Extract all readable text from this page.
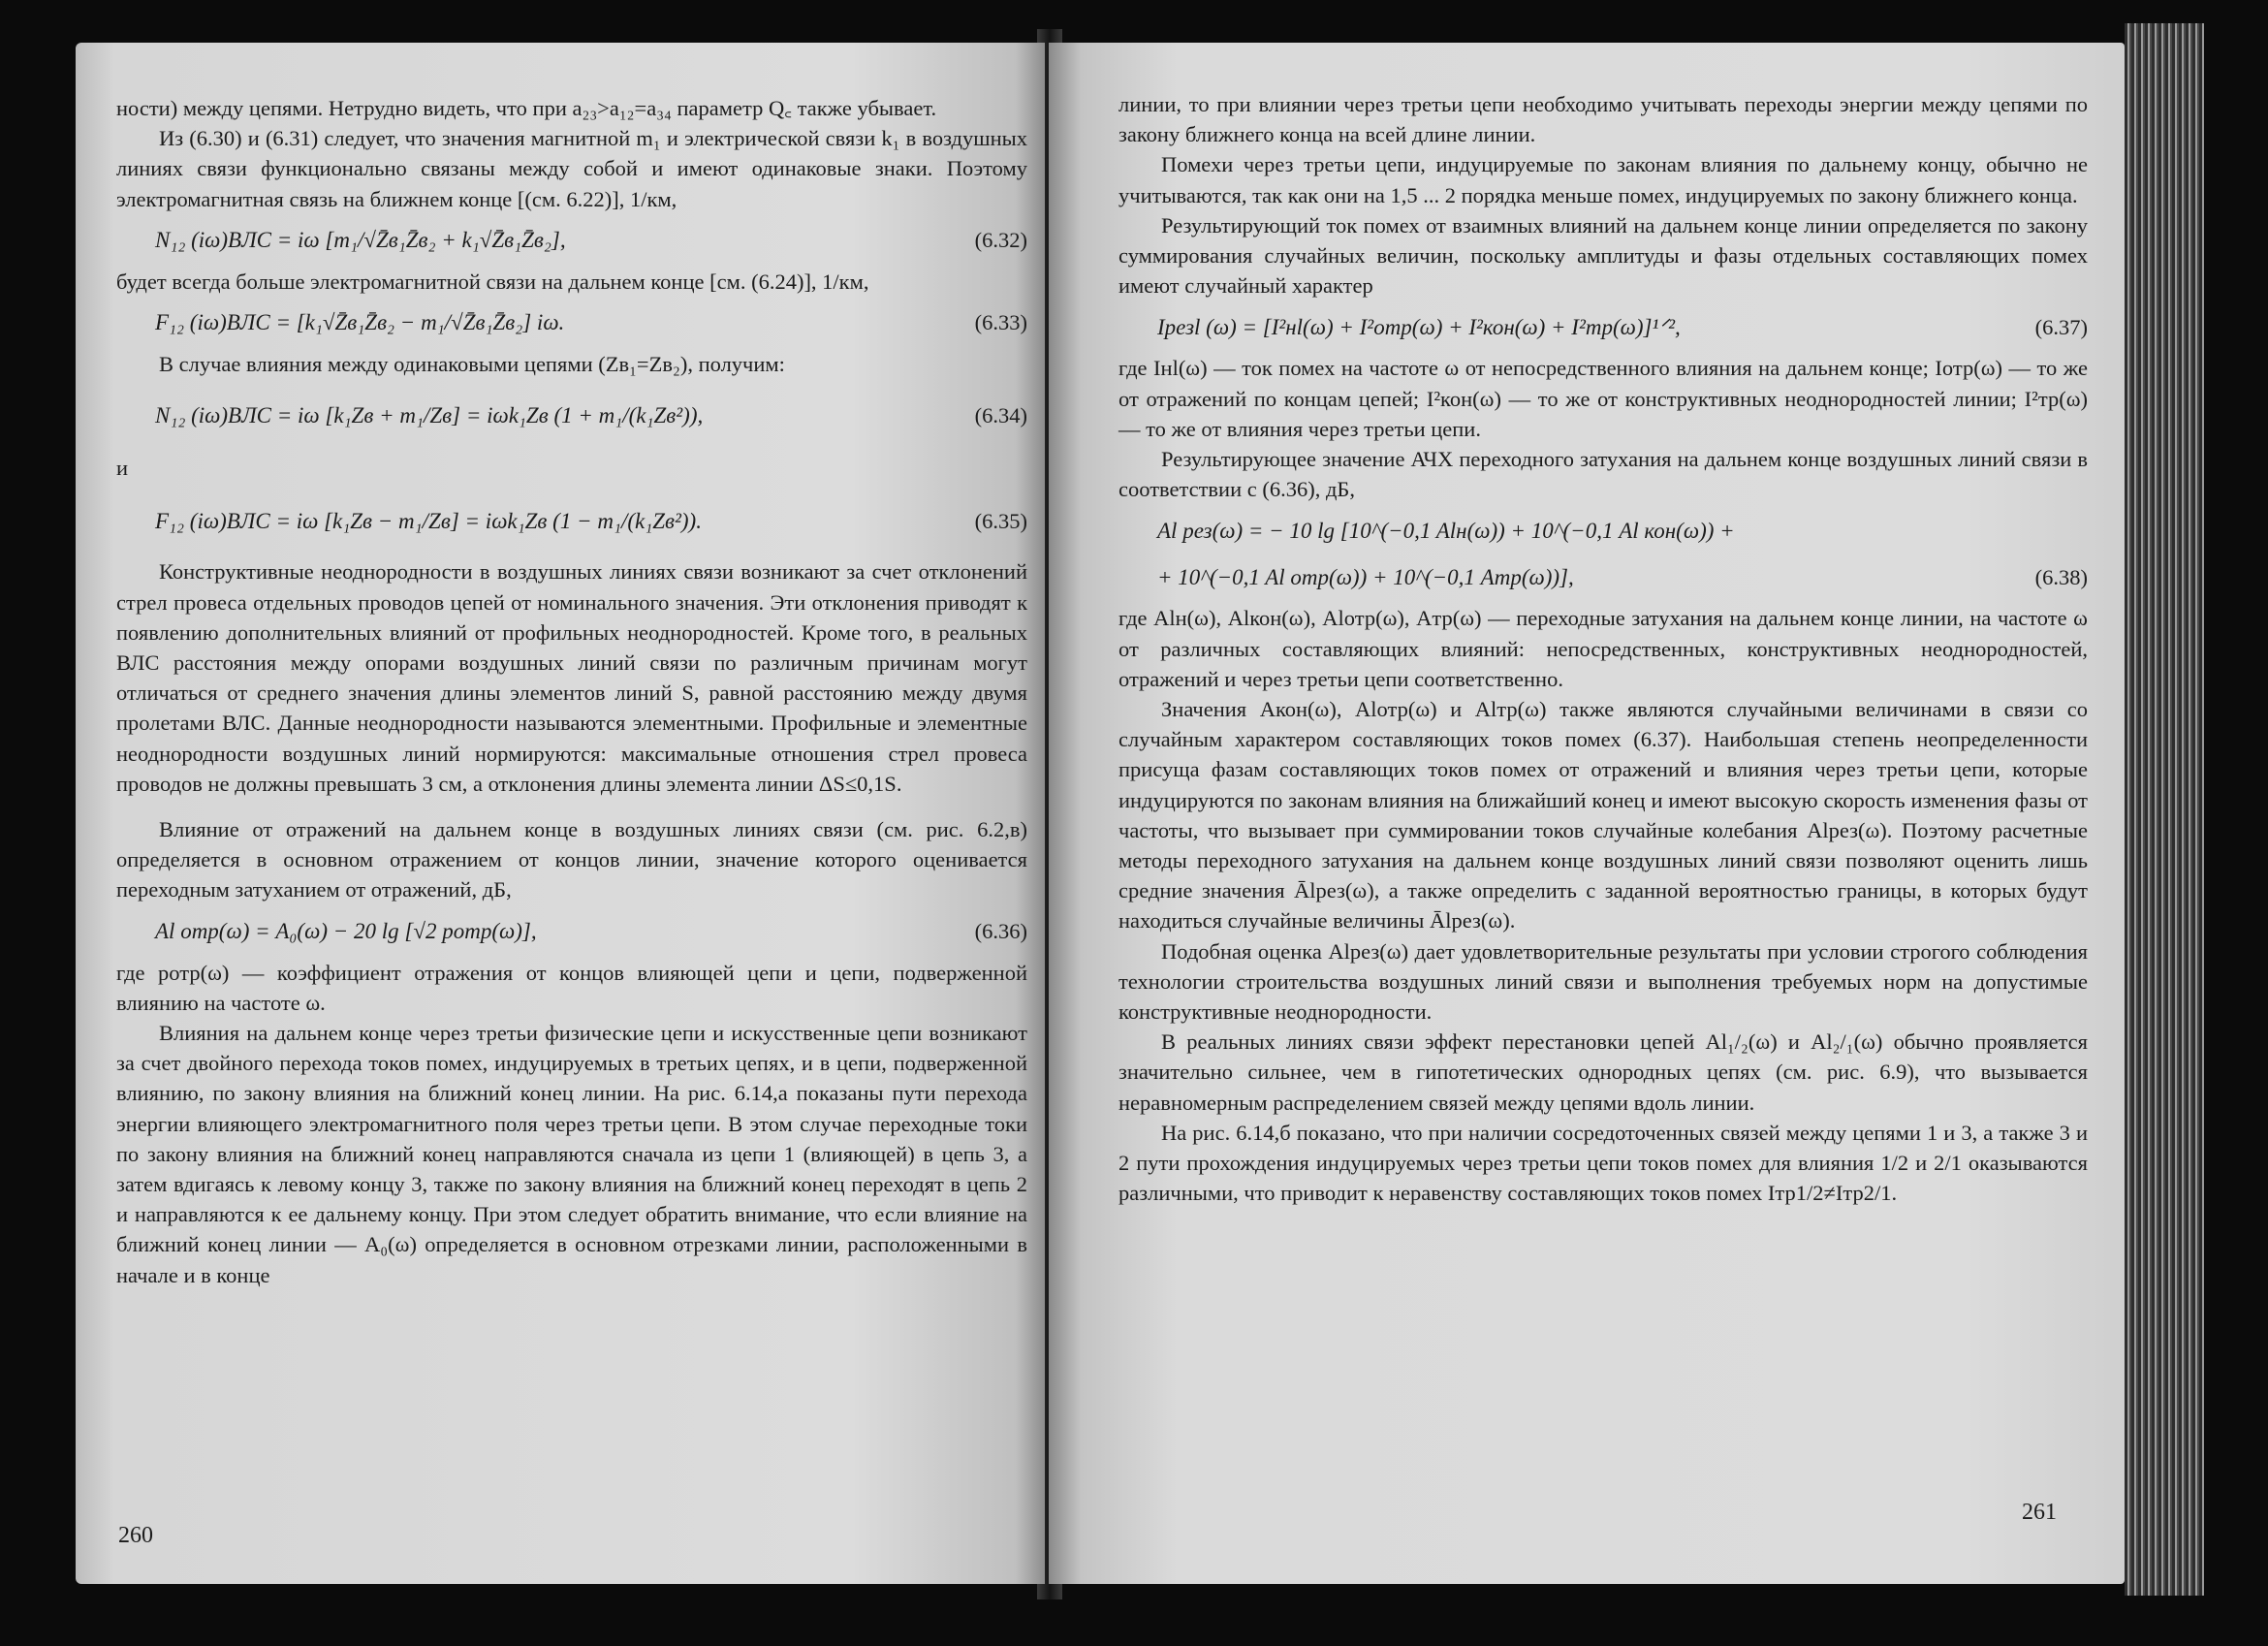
ности) между цепями. Нетрудно видеть, что при a₂₃>a₁₂=a₃₄ параметр Q꜀ также убывает.

Из (6.30) и (6.31) следует, что значения магнитной m₁ и электрической связи k₁ в воздушных линиях связи функционально связаны между собой и имеют одинаковые знаки. Поэтому электромагнитная связь на ближнем конце [(см. 6.22)], 1/км,

N₁₂ (iω)ВЛС = iω [m₁/√Z̄в₁Z̄в₂ + k₁√Z̄в₁Z̄в₂],	(6.32)

будет всегда больше электромагнитной связи на дальнем конце [см. (6.24)], 1/км,

F₁₂ (iω)ВЛС = [k₁√Z̄в₁Z̄в₂ − m₁/√Z̄в₁Z̄в₂] iω.	(6.33)

В случае влияния между одинаковыми цепями (Zв₁=Zв₂), получим:

N₁₂ (iω)ВЛС = iω [k₁Zв + m₁/Zв] = iωk₁Zв (1 + m₁/(k₁Zв²)),	(6.34)

и

F₁₂ (iω)ВЛС = iω [k₁Zв − m₁/Zв] = iωk₁Zв (1 − m₁/(k₁Zв²)).	(6.35)

Конструктивные неоднородности в воздушных линиях связи возникают за счет отклонений стрел провеса отдельных проводов цепей от номинального значения. Эти отклонения приводят к появлению дополнительных влияний от профильных неоднородностей. Кроме того, в реальных ВЛС расстояния между опорами воздушных линий связи по различным причинам могут отличаться от среднего значения длины элементов линий S, равной расстоянию между двумя пролетами ВЛС. Данные неоднородности называются элементными. Профильные и элементные неоднородности воздушных линий нормируются: максимальные отношения стрел провеса проводов не должны превышать 3 см, а отклонения длины элемента линии ΔS≤0,1S.

Влияние от отражений на дальнем конце в воздушных линиях связи (см. рис. 6.2,в) определяется в основном отражением от концов линии, значение которого оценивается переходным затуханием от отражений, дБ,

Al отр(ω) = A₀(ω) − 20 lg [√2 pотр(ω)],	(6.36)

где pотр(ω) — коэффициент отражения от концов влияющей цепи и цепи, подверженной влиянию на частоте ω.

Влияния на дальнем конце через третьи физические цепи и искусственные цепи возникают за счет двойного перехода токов помех, индуцируемых в третьих цепях, и в цепи, подверженной влиянию, по закону влияния на ближний конец линии. На рис. 6.14,а показаны пути перехода энергии влияющего электромагнитного поля через третьи цепи. В этом случае переходные токи по закону влияния на ближний конец направляются сначала из цепи 1 (влияющей) в цепь 3, а затем вдигаясь к левому концу 3, также по закону влияния на ближний конец переходят в цепь 2 и направляются к ее дальнему концу. При этом следует обратить внимание, что если влияние на ближний конец линии — A₀(ω) определяется в основном отрезками линии, расположенными в начале и в конце

260

линии, то при влиянии через третьи цепи необходимо учитывать переходы энергии между цепями по закону ближнего конца на всей длине линии.

Помехи через третьи цепи, индуцируемые по законам влияния по дальнему концу, обычно не учитываются, так как они на 1,5 ... 2 порядка меньше помех, индуцируемых по закону ближнего конца.

Результирующий ток помех от взаимных влияний на дальнем конце линии определяется по закону суммирования случайных величин, поскольку амплитуды и фазы отдельных составляющих помех имеют случайный характер

Iрезl (ω) = [I²нl(ω) + I²отр(ω) + I²кон(ω) + I²тр(ω)]¹ᐟ²,	(6.37)

где Iнl(ω) — ток помех на частоте ω от непосредственного влияния на дальнем конце; Iотр(ω) — то же от отражений по концам цепей; I²кон(ω) — то же от конструктивных неоднородностей линии; I²тр(ω) — то же от влияния через третьи цепи.

Результирующее значение АЧХ переходного затухания на дальнем конце воздушных линий связи в соответствии с (6.36), дБ,

Al рез(ω) = − 10 lg [10^(−0,1 Alн(ω)) + 10^(−0,1 Al кон(ω)) +
+ 10^(−0,1 Al отр(ω)) + 10^(−0,1 Aтр(ω))],	(6.38)

где Alн(ω), Alкон(ω), Alотр(ω), Aтр(ω) — переходные затухания на дальнем конце линии, на частоте ω от различных составляющих влияний: непосредственных, конструктивных неоднородностей, отражений и через третьи цепи соответственно.

Значения Aкон(ω), Alотр(ω) и Alтр(ω) также являются случайными величинами в связи со случайным характером составляющих токов помех (6.37). Наибольшая степень неопределенности присуща фазам составляющих токов помех от отражений и влияния через третьи цепи, которые индуцируются по законам влияния на ближайший конец и имеют высокую скорость изменения фазы от частоты, что вызывает при суммировании токов случайные колебания Alрез(ω). Поэтому расчетные методы переходного затухания на дальнем конце воздушных линий связи позволяют оценить лишь средние значения Ālрез(ω), а также определить с заданной вероятностью границы, в которых будут находиться случайные величины Ālрез(ω).

Подобная оценка Alрез(ω) дает удовлетворительные результаты при условии строгого соблюдения технологии строительства воздушных линий связи и выполнения требуемых норм на допустимые конструктивные неоднородности.

В реальных линиях связи эффект перестановки цепей Al₁/₂(ω) и Al₂/₁(ω) обычно проявляется значительно сильнее, чем в гипотетических однородных цепях (см. рис. 6.9), что вызывается неравномерным распределением связей между цепями вдоль линии.

На рис. 6.14,б показано, что при наличии сосредоточенных связей между цепями 1 и 3, а также 3 и 2 пути прохождения индуцируемых через третьи цепи токов помех для влияния 1/2 и 2/1 оказываются различными, что приводит к неравенству составляющих токов помех Iтр1/2≠Iтр2/1.

261
